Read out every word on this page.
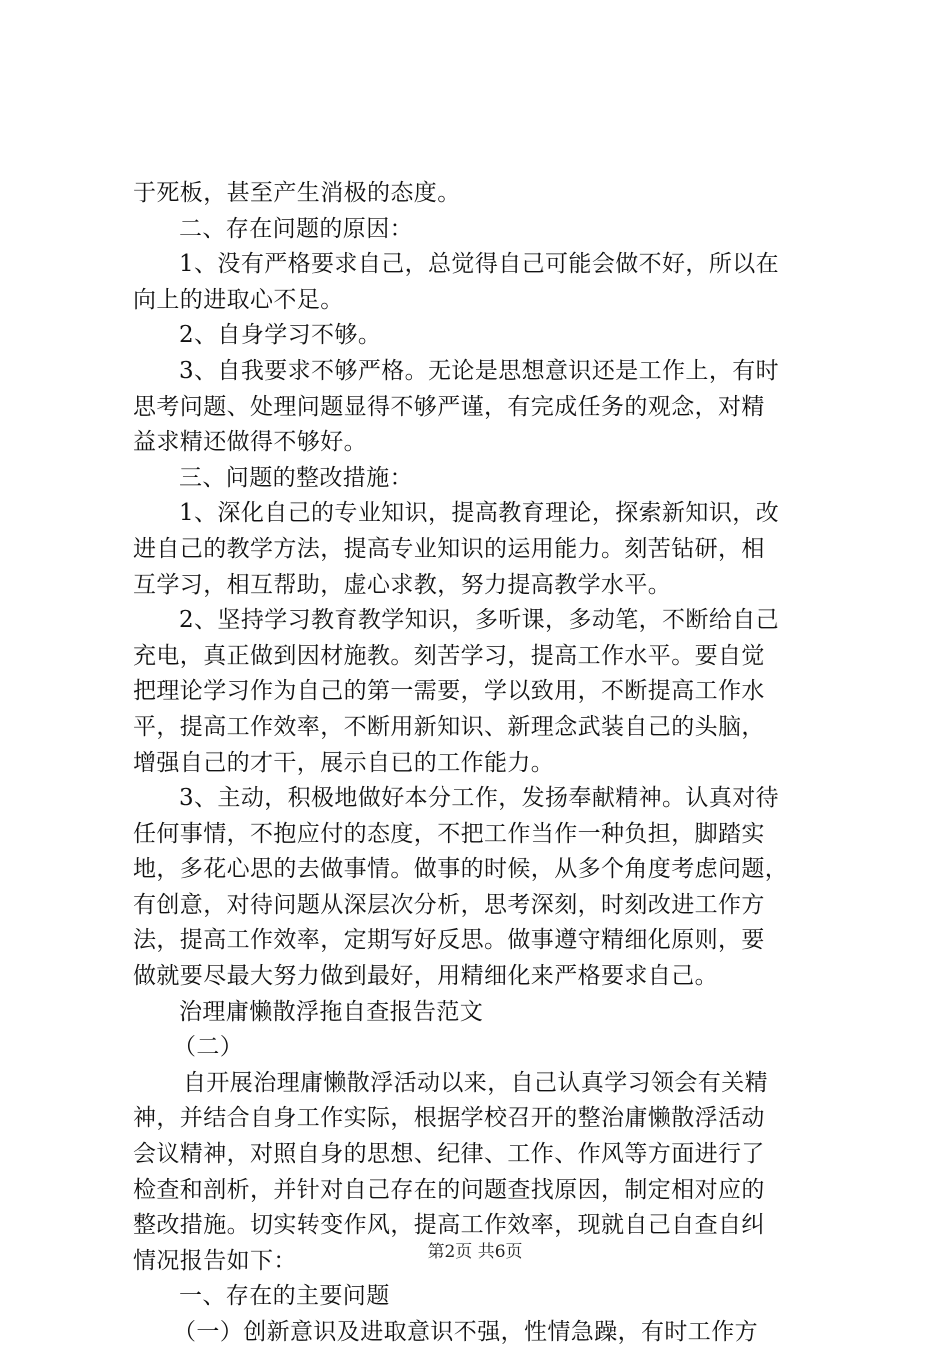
于死板，甚至产生消极的态度。
二、存在问题的原因：
1、没有严格要求自己，总觉得自己可能会做不好，所以在
向上的进取心不足。
2、自身学习不够。
3、自我要求不够严格。无论是思想意识还是工作上，有时
思考问题、处理问题显得不够严谨，有完成任务的观念，对精
益求精还做得不够好。
三、问题的整改措施：
1、深化自己的专业知识，提高教育理论，探索新知识，改
进自己的教学方法，提高专业知识的运用能力。刻苦钻研，相
互学习，相互帮助，虚心求教，努力提高教学水平。
2、坚持学习教育教学知识，多听课，多动笔，不断给自己
充电，真正做到因材施教。刻苦学习，提高工作水平。要自觉
把理论学习作为自己的第一需要，学以致用，不断提高工作水
平，提高工作效率，不断用新知识、新理念武装自己的头脑，
增强自己的才干，展示自已的工作能力。
3、主动，积极地做好本分工作，发扬奉献精神。认真对待
任何事情，不抱应付的态度，不把工作当作一种负担，脚踏实
地，多花心思的去做事情。做事的时候，从多个角度考虑问题，
有创意，对待问题从深层次分析，思考深刻，时刻改进工作方
法，提高工作效率，定期写好反思。做事遵守精细化原则，要
做就要尽最大努力做到最好，用精细化来严格要求自己。
治理庸懒散浮拖自查报告范文
（二）
自开展治理庸懒散浮活动以来，自己认真学习领会有关精
神，并结合自身工作实际，根据学校召开的整治庸懒散浮活动
会议精神，对照自身的思想、纪律、工作、作风等方面进行了
检查和剖析，并针对自己存在的问题查找原因，制定相对应的
整改措施。切实转变作风，提高工作效率，现就自己自查自纠
情况报告如下：
一、存在的主要问题
（一）创新意识及进取意识不强，性情急躁，有时工作方
第2页 共6页
